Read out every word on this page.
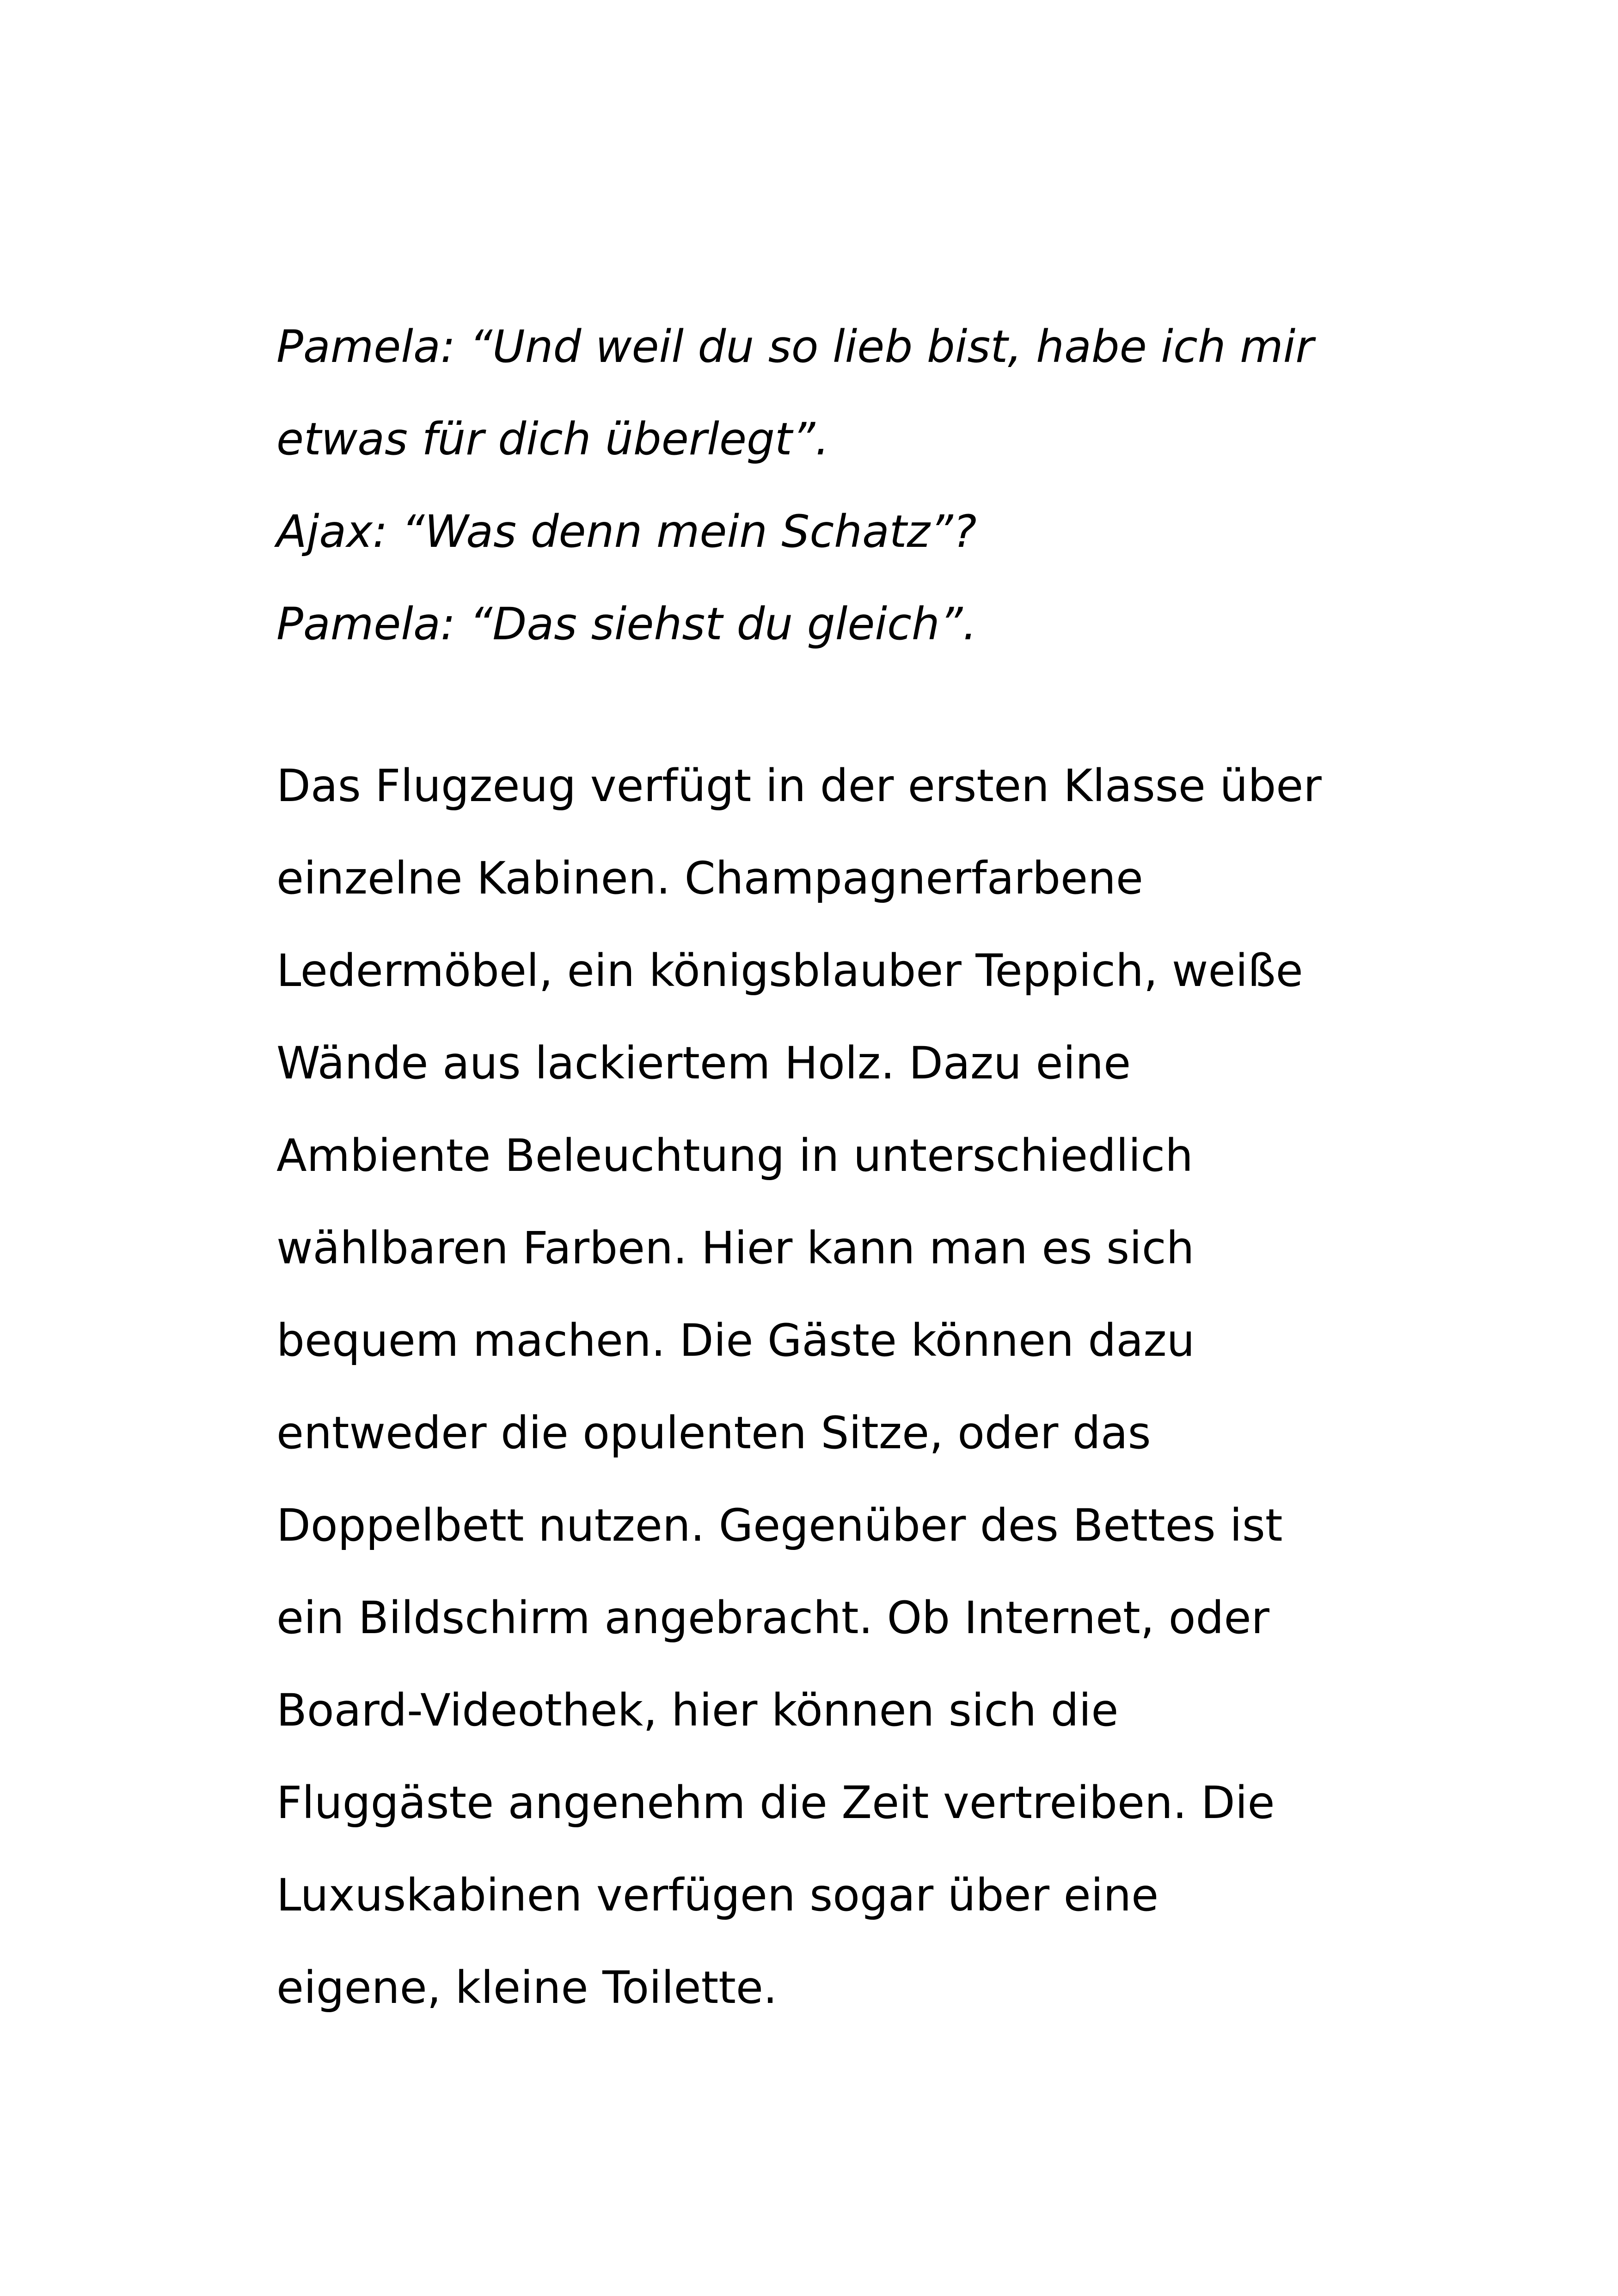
Pamela: “Und weil du so lieb bist, habe ich mir
etwas für dich überlegt”.
Ajax: “Was denn mein Schatz”?
Pamela: “Das siehst du gleich”.
Das Flugzeug verfügt in der ersten Klasse über
einzelne Kabinen. Champagnerfarbene
Ledermöbel, ein königsblauber Teppich, weiße
Wände aus lackiertem Holz. Dazu eine
Ambiente Beleuchtung in unterschiedlich
wählbaren Farben. Hier kann man es sich
bequem machen. Die Gäste können dazu
entweder die opulenten Sitze, oder das
Doppelbett nutzen. Gegenüber des Bettes ist
ein Bildschirm angebracht. Ob Internet, oder
Board-Videothek, hier können sich die
Fluggäste angenehm die Zeit vertreiben. Die
Luxuskabinen verfügen sogar über eine
eigene, kleine Toilette.
